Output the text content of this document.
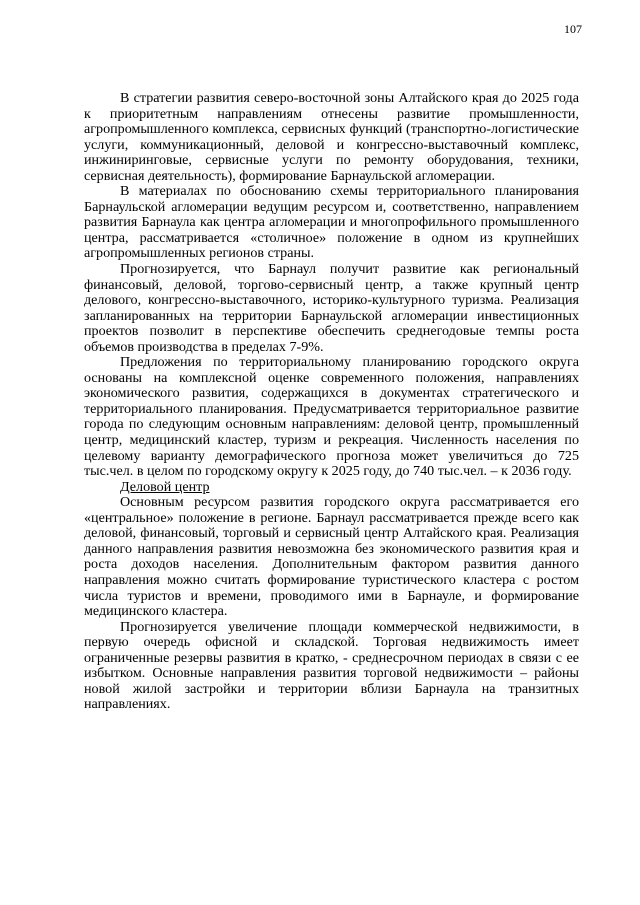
107

В стратегии развития северо-восточной зоны Алтайского края до 2025 года к приоритетным направлениям отнесены развитие промышленности, агропромышленного комплекса, сервисных функций (транспортно-логистические услуги, коммуникационный, деловой и конгрессно-выставочный комплекс, инжиниринговые, сервисные услуги по ремонту оборудования, техники, сервисная деятельность), формирование Барнаульской агломерации.

В материалах по обоснованию схемы территориального планирования Барнаульской агломерации ведущим ресурсом и, соответственно, направлением развития Барнаула как центра агломерации и многопрофильного промышленного центра, рассматривается «столичное» положение в одном из крупнейших агропромышленных регионов страны.

Прогнозируется, что Барнаул получит развитие как региональный финансовый, деловой, торгово-сервисный центр, а также крупный центр делового, конгрессно-выставочного, историко-культурного туризма. Реализация запланированных на территории Барнаульской агломерации инвестиционных проектов позволит в перспективе обеспечить среднегодовые темпы роста объемов производства в пределах 7-9%.

Предложения по территориальному планированию городского округа основаны на комплексной оценке современного положения, направлениях экономического развития, содержащихся в документах стратегического и территориального планирования. Предусматривается территориальное развитие города по следующим основным направлениям: деловой центр, промышленный центр, медицинский кластер, туризм и рекреация. Численность населения по целевому варианту демографического прогноза может увеличиться до 725 тыс.чел. в целом по городскому округу к 2025 году, до 740 тыс.чел. – к 2036 году.

Деловой центр

Основным ресурсом развития городского округа рассматривается его «центральное» положение в регионе. Барнаул рассматривается прежде всего как деловой, финансовый, торговый и сервисный центр Алтайского края. Реализация данного направления развития невозможна без экономического развития края и роста доходов населения. Дополнительным фактором развития данного направления можно считать формирование туристического кластера с ростом числа туристов и времени, проводимого ими в Барнауле, и формирование медицинского кластера.

Прогнозируется увеличение площади коммерческой недвижимости, в первую очередь офисной и складской. Торговая недвижимость имеет ограниченные резервы развития в кратко, - среднесрочном периодах в связи с ее избытком. Основные направления развития торговой недвижимости – районы новой жилой застройки и территории вблизи Барнаула на транзитных направлениях.
